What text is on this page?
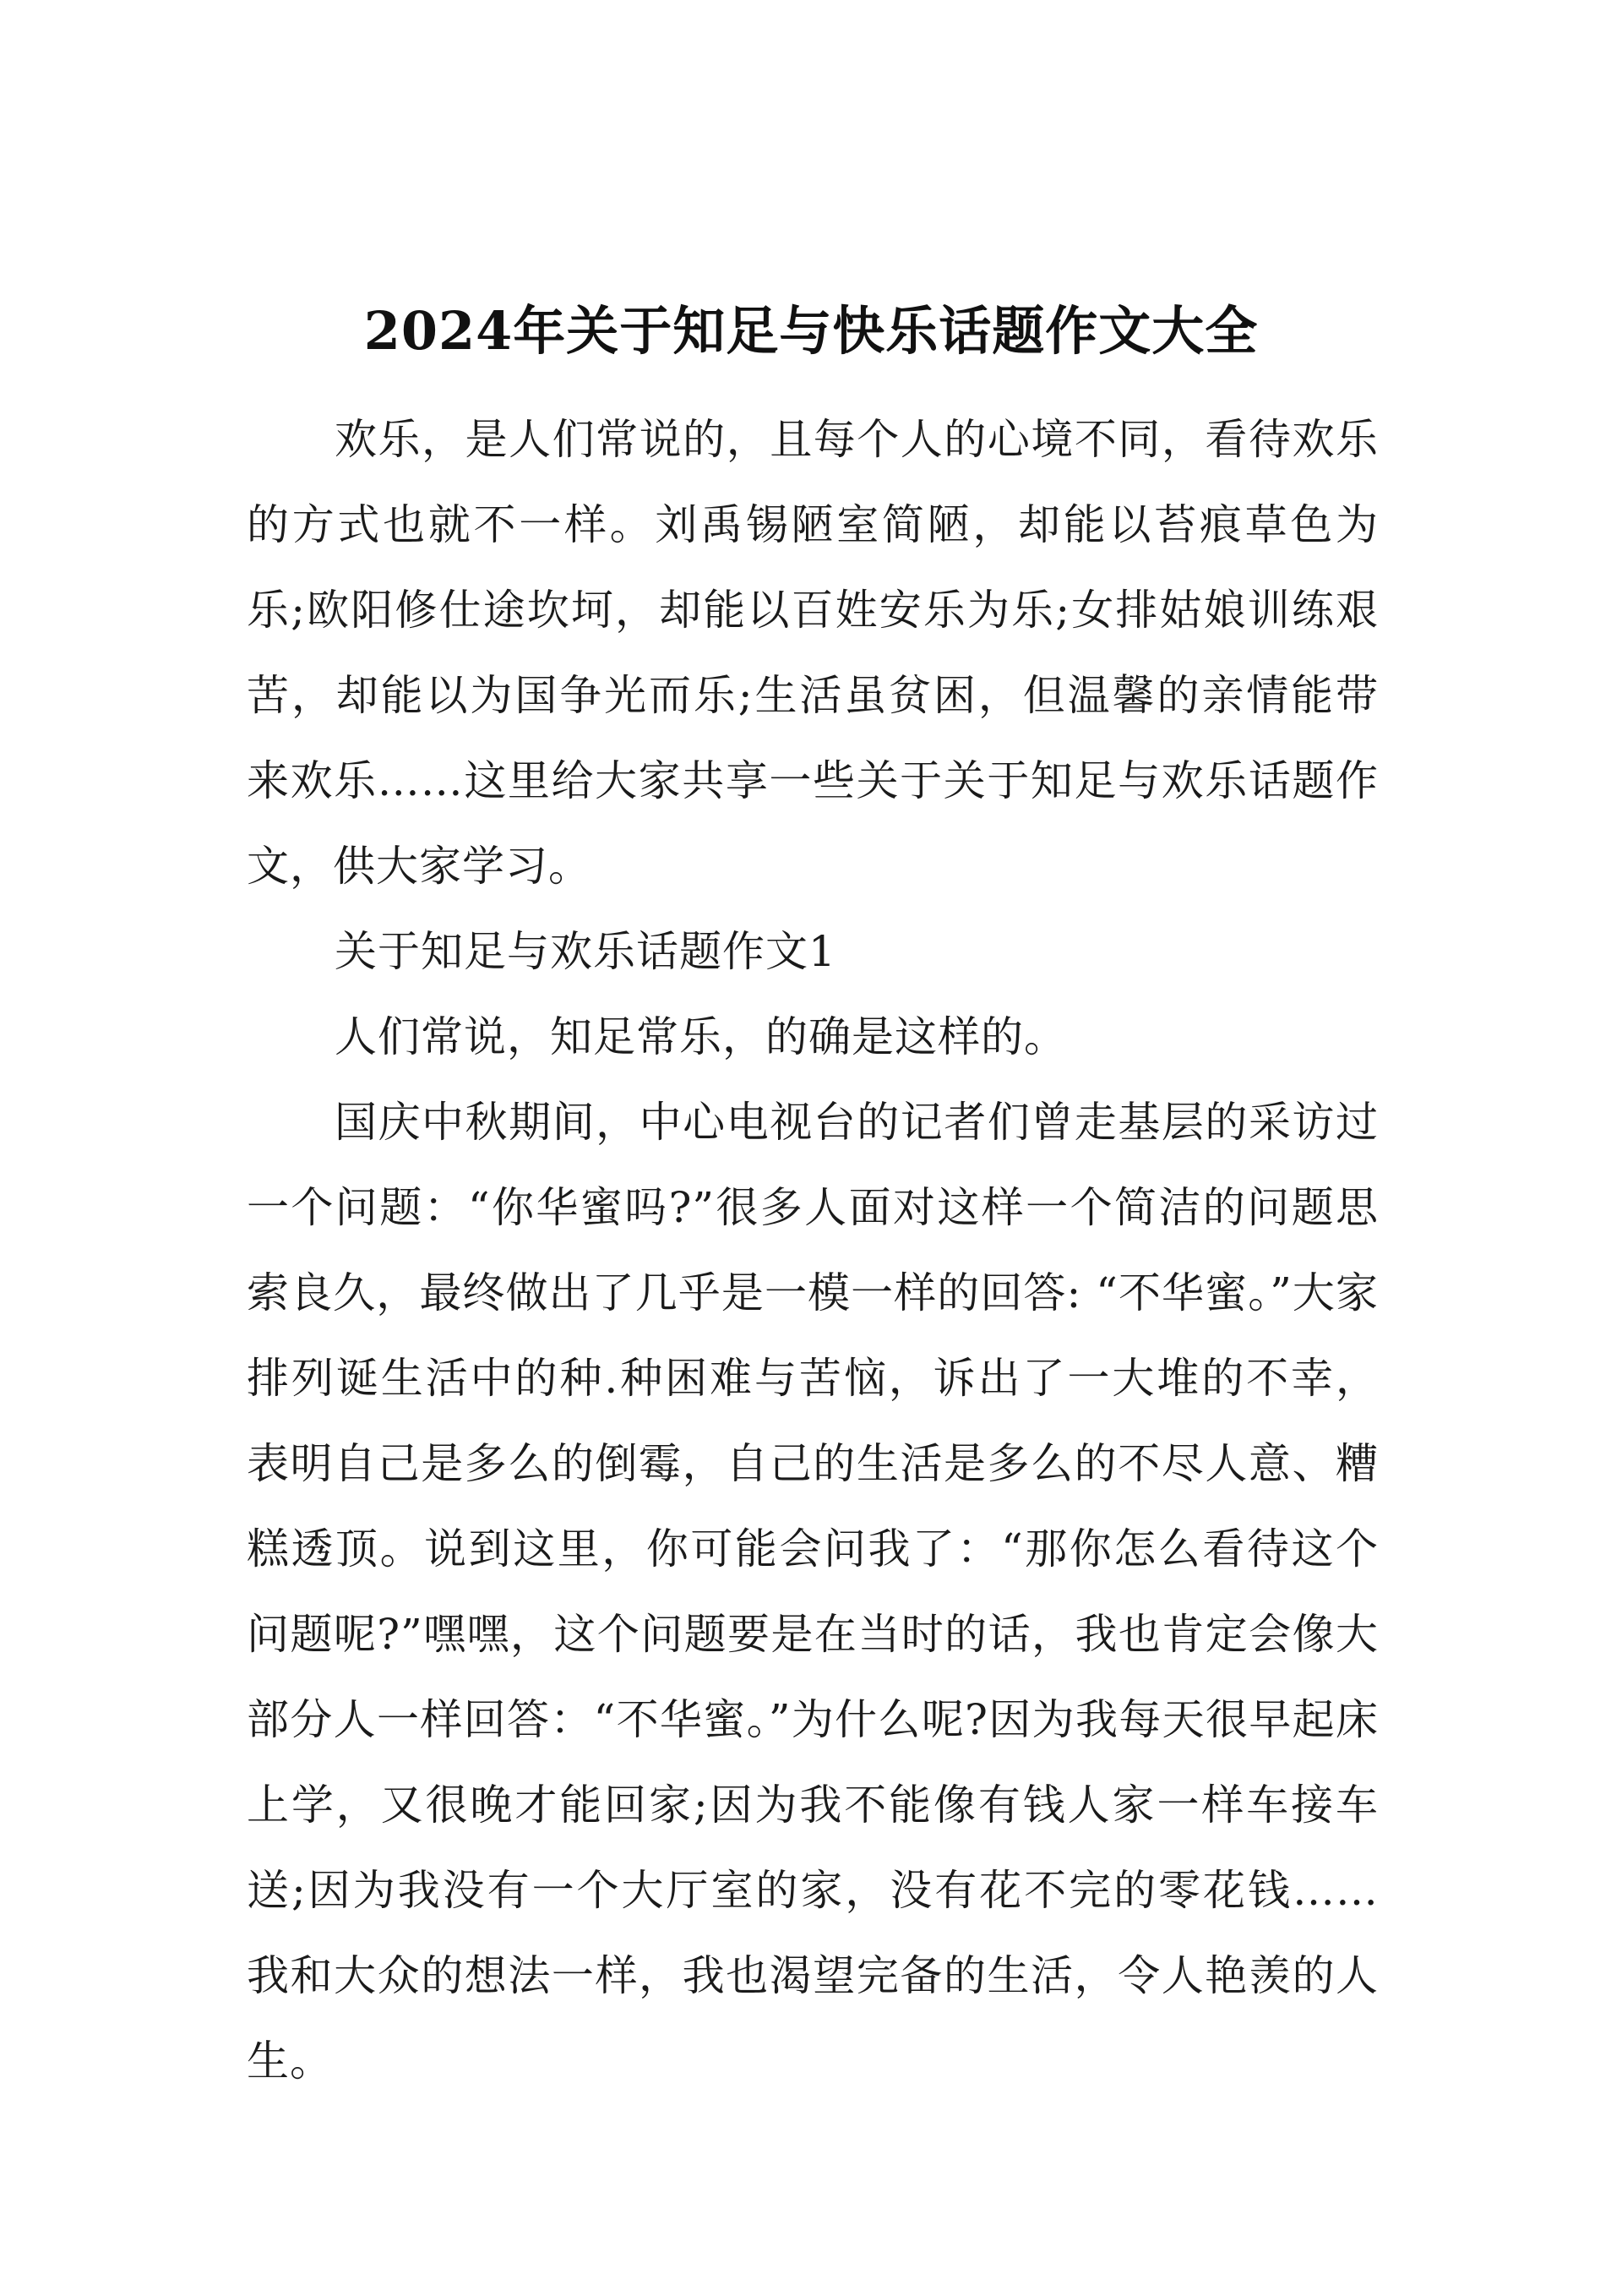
2024年关于知足与快乐话题作文大全

欢乐，是人们常说的，且每个人的心境不同，看待欢乐的方式也就不一样。刘禹锡陋室简陋，却能以苔痕草色为乐;欧阳修仕途坎坷，却能以百姓安乐为乐;女排姑娘训练艰苦，却能以为国争光而乐;生活虽贫困，但温馨的亲情能带来欢乐……这里给大家共享一些关于关于知足与欢乐话题作文，供大家学习。

关于知足与欢乐话题作文1

人们常说，知足常乐，的确是这样的。

国庆中秋期间，中心电视台的记者们曾走基层的采访过一个问题：“你华蜜吗?”很多人面对这样一个简洁的问题思索良久，最终做出了几乎是一模一样的回答: “不华蜜。”大家排列诞生活中的种.种困难与苦恼，诉出了一大堆的不幸，表明自己是多么的倒霉，自己的生活是多么的不尽人意、糟糕透顶。说到这里，你可能会问我了：“那你怎么看待这个问题呢?”嘿嘿，这个问题要是在当时的话，我也肯定会像大部分人一样回答：“不华蜜。”为什么呢?因为我每天很早起床上学，又很晚才能回家;因为我不能像有钱人家一样车接车送;因为我没有一个大厅室的家，没有花不完的零花钱……我和大众的想法一样，我也渴望完备的生活，令人艳羡的人生。
